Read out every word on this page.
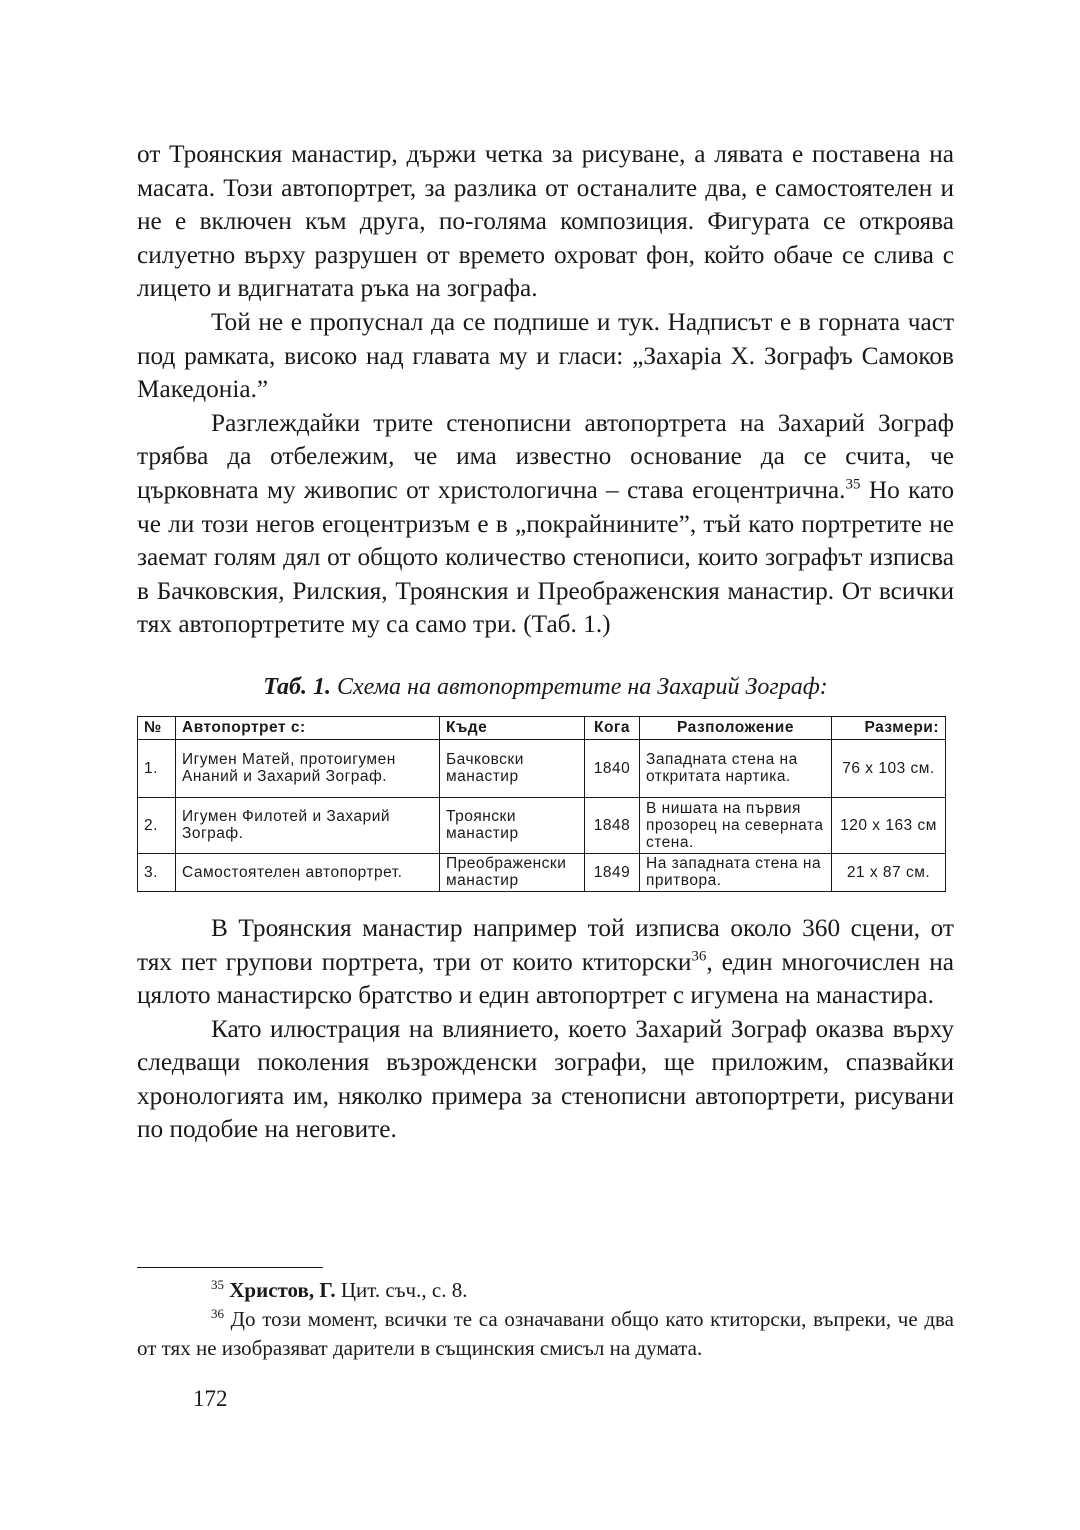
от Троянския манастир, държи четка за рисуване, а лявата е поставена на масата. Този автопортрет, за разлика от останалите два, е самостоятелен и не е включен към друга, по-голяма композиция. Фигурата се откроява силуетно върху разрушен от времето охроват фон, който обаче се слива с лицето и вдигнатата ръка на зографа.

Той не е пропуснал да се подпише и тук. Надписът е в горната част под рамката, високо над главата му и гласи: „Захаріа Х. Зографъ Самоков Македоніа.”

Разглеждайки трите стенописни автопортрета на Захарий Зограф трябва да отбележим, че има известно основание да се счита, че църковната му живопис от христологична – става егоцентрична.$^{35}$ Но като че ли този негов егоцентризъм е в „покрайнините”, тъй като портретите не заемат голям дял от общото количество стенописи, които зографът изписва в Бачковския, Рилския, Троянския и Преображенския манастир. От всички тях автопортретите му са само три. (Таб. 1.)

Таб. 1. Схема на автопортретите на Захарий Зограф:

№	Автопортрет с:	Къде	Кога	Разположение	Размери:
1.	Игумен Матей, протоигумен Ананий и Захарий Зограф.	Бачковски манастир	1840	Западната стена на откритата нартика.	76 x 103 см.
2.	Игумен Филотей и Захарий Зограф.	Троянски манастир	1848	В нишата на първия прозорец на северната стена.	120 x 163 см
3.	Самостоятелен автопортрет.	Преображенски манастир	1849	На западната стена на притвора.	21 x 87 см.

В Троянския манастир например той изписва около 360 сцени, от тях пет групови портрета, три от които ктиторски$^{36}$, един многочислен на цялото манастирско братство и един автопортрет с игумена на манастира.

Като илюстрация на влиянието, което Захарий Зограф оказва върху следващи поколения възрожденски зографи, ще приложим, спазвайки хронологията им, няколко примера за стенописни автопортрети, рисувани по подобие на неговите.

$^{35}$ Христов, Г. Цит. съч., с. 8.

$^{36}$ До този момент, всички те са означавани общо като ктиторски, въпреки, че два от тях не изобразяват дарители в същинския смисъл на думата.

172
